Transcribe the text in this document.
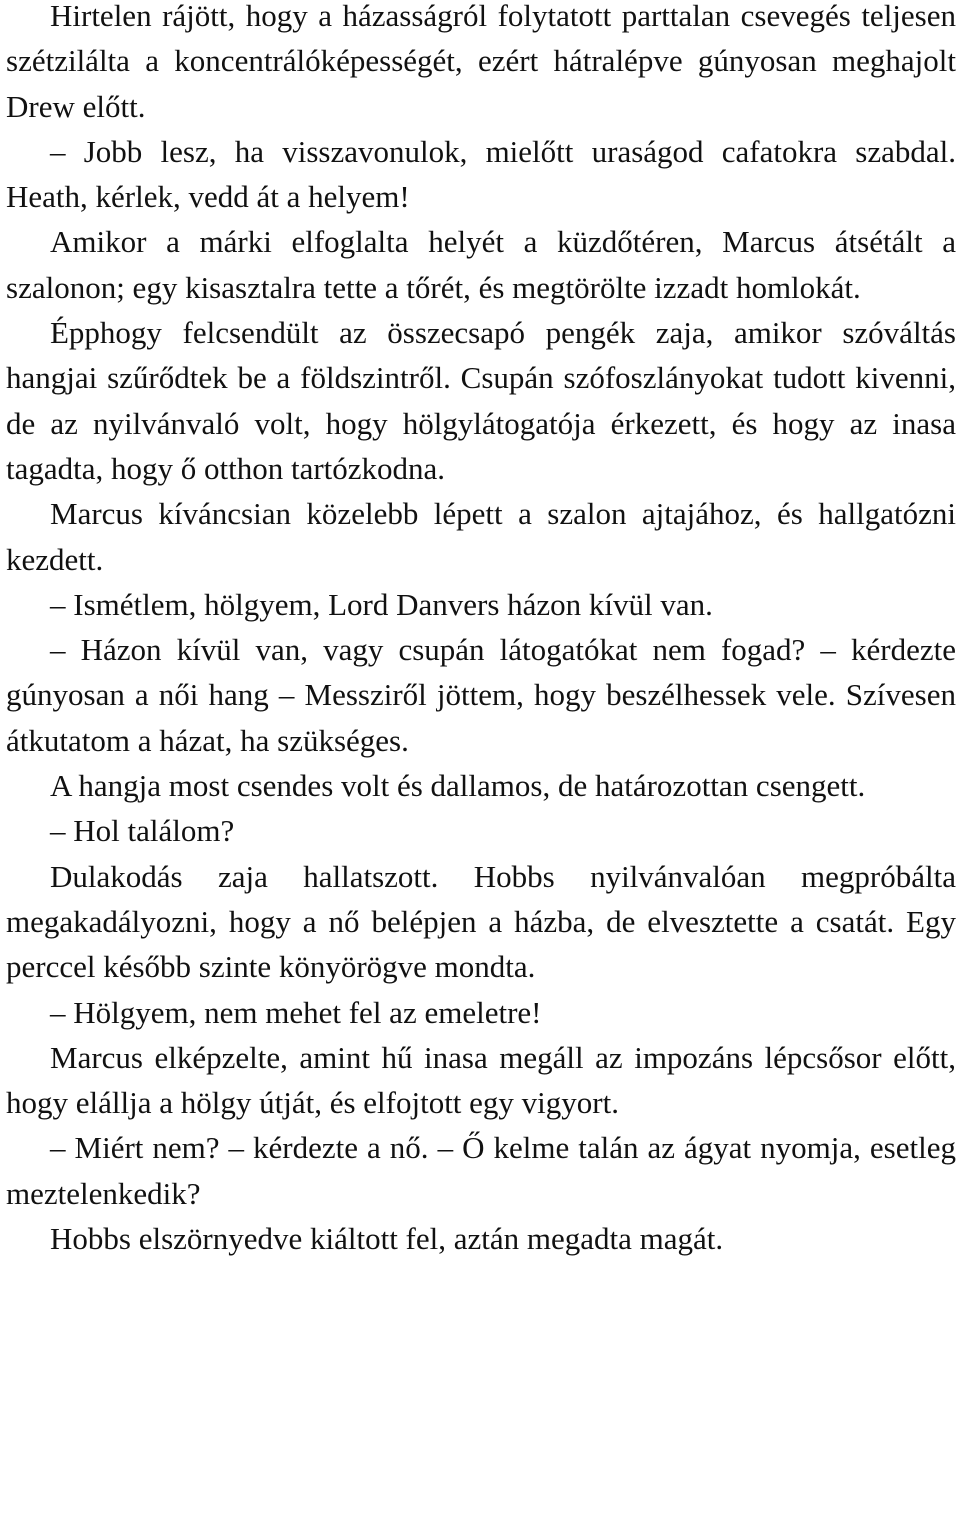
Hirtelen rájött, hogy a házasságról folytatott parttalan csevegés teljesen szétzilálta a koncentrálóképességét, ezért hátralépve gúnyosan meghajolt Drew előtt.

– Jobb lesz, ha visszavonulok, mielőtt uraságod cafatokra szabdal. Heath, kérlek, vedd át a helyem!

Amikor a márki elfoglalta helyét a küzdőtéren, Marcus átsétált a szalonon; egy kisasztalra tette a tőrét, és megtörölte izzadt homlokát.

Épphogy felcsendült az összecsapó pengék zaja, amikor szóváltás hangjai szűrődtek be a földszintről. Csupán szófoszlányokat tudott kivenni, de az nyilvánvaló volt, hogy hölgylátogatója érkezett, és hogy az inasa tagadta, hogy ő otthon tartózkodna.

Marcus kíváncsian közelebb lépett a szalon ajtajához, és hallgatózni kezdett.

– Ismétlem, hölgyem, Lord Danvers házon kívül van.

– Házon kívül van, vagy csupán látogatókat nem fogad? – kérdezte gúnyosan a női hang – Messziről jöttem, hogy beszélhessek vele. Szívesen átkutatom a házat, ha szükséges.

A hangja most csendes volt és dallamos, de határozottan csengett.

– Hol találom?

Dulakodás zaja hallatszott. Hobbs nyilvánvalóan megpróbálta megakadályozni, hogy a nő belépjen a házba, de elvesztette a csatát. Egy perccel később szinte könyörögve mondta.

– Hölgyem, nem mehet fel az emeletre!

Marcus elképzelte, amint hű inasa megáll az impozáns lépcsősor előtt, hogy elállja a hölgy útját, és elfojtott egy vigyort.

– Miért nem? – kérdezte a nő. – Ő kelme talán az ágyat nyomja, esetleg meztelenkedik?

Hobbs elszörnyedve kiáltott fel, aztán megadta magát.
